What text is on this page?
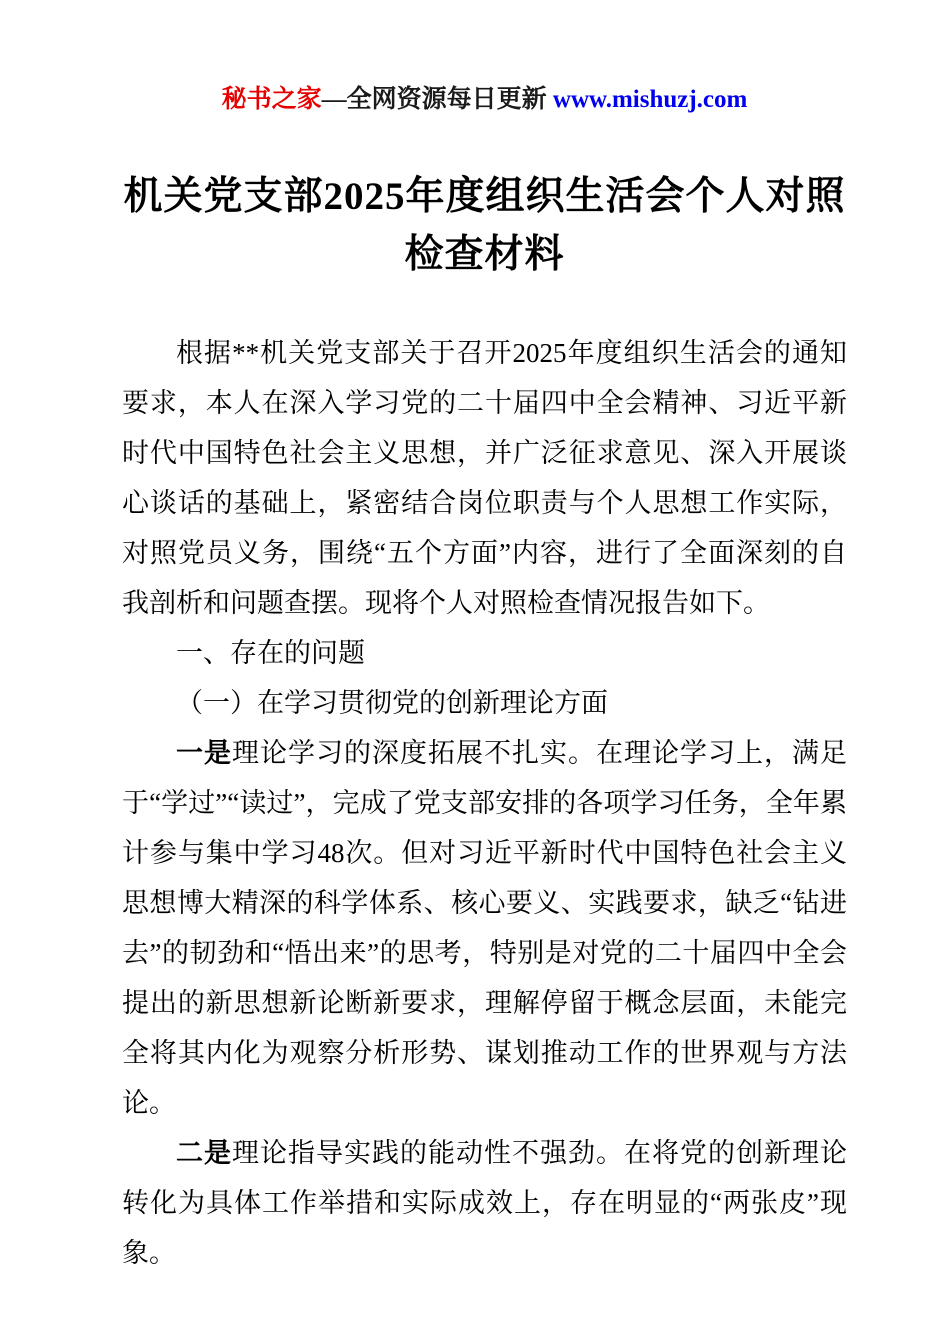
秘书之家—全网资源每日更新 www.mishuzj.com
机关党支部2025年度组织生活会个人对照
检查材料

根据**机关党支部关于召开2025年度组织生活会的通知要求，本人在深入学习党的二十届四中全会精神、习近平新时代中国特色社会主义思想，并广泛征求意见、深入开展谈心谈话的基础上，紧密结合岗位职责与个人思想工作实际，对照党员义务，围绕“五个方面”内容，进行了全面深刻的自我剖析和问题查摆。现将个人对照检查情况报告如下。

一、存在的问题

（一）在学习贯彻党的创新理论方面

一是理论学习的深度拓展不扎实。在理论学习上，满足于“学过”“读过”，完成了党支部安排的各项学习任务，全年累计参与集中学习48次。但对习近平新时代中国特色社会主义思想博大精深的科学体系、核心要义、实践要求，缺乏“钻进去”的韧劲和“悟出来”的思考，特别是对党的二十届四中全会提出的新思想新论断新要求，理解停留于概念层面，未能完全将其内化为观察分析形势、谋划推动工作的世界观与方法论。

二是理论指导实践的能动性不强劲。在将党的创新理论转化为具体工作举措和实际成效上，存在明显的“两张皮”现象。
